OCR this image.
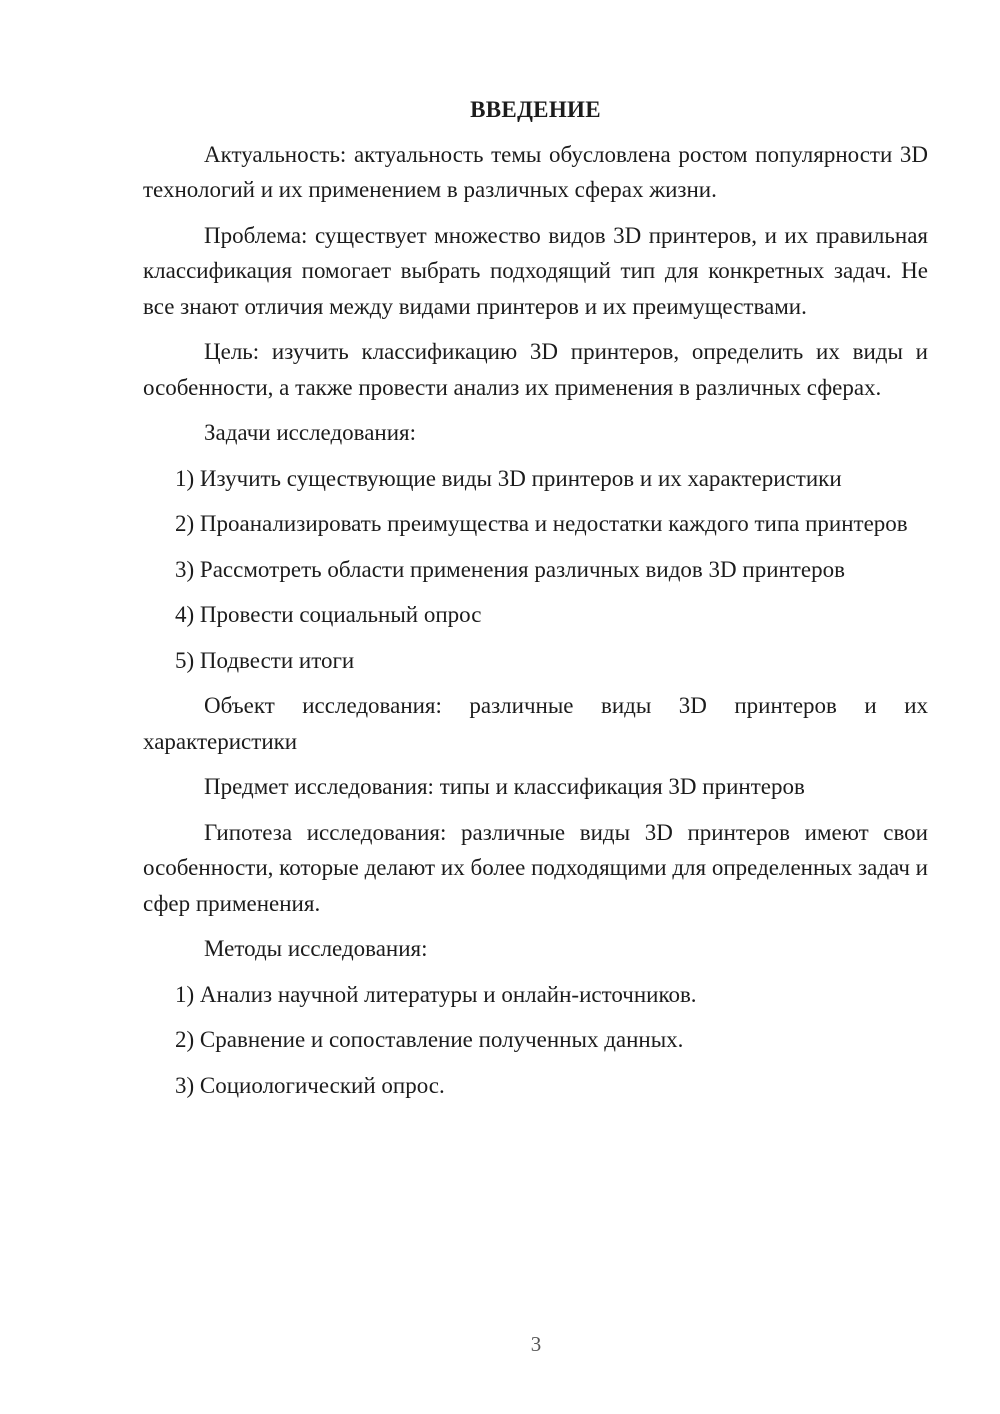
ВВЕДЕНИЕ

Актуальность: актуальность темы обусловлена ростом популярности 3D технологий и их применением в различных сферах жизни.

Проблема: существует множество видов 3D принтеров, и их правильная классификация помогает выбрать подходящий тип для конкретных задач. Не все знают отличия между видами принтеров и их преимуществами.

Цель: изучить классификацию 3D принтеров, определить их виды и особенности, а также провести анализ их применения в различных сферах.

Задачи исследования:

1) Изучить существующие виды 3D принтеров и их характеристики

2) Проанализировать преимущества и недостатки каждого типа принтеров

3) Рассмотреть области применения различных видов 3D принтеров

4) Провести социальный опрос

5) Подвести итоги

Объект исследования: различные виды 3D принтеров и их характеристики

Предмет исследования: типы и классификация 3D принтеров

Гипотеза исследования: различные виды 3D принтеров имеют свои особенности, которые делают их более подходящими для определенных задач и сфер применения.

Методы исследования:

1) Анализ научной литературы и онлайн-источников.

2) Сравнение и сопоставление полученных данных.

3) Социологический опрос.

3
